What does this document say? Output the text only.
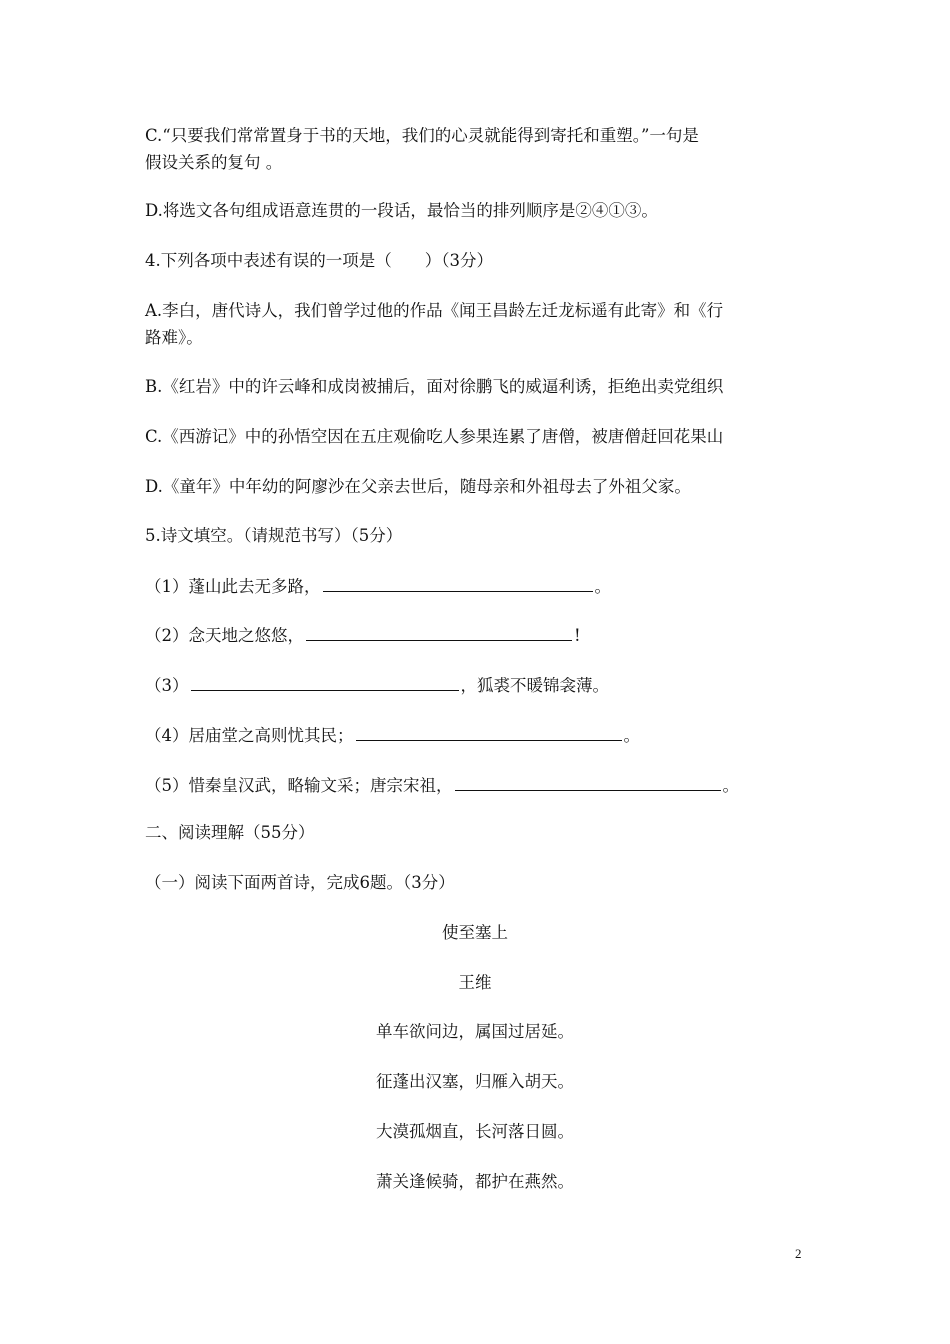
C.“只要我们常常置身于书的天地，我们的心灵就能得到寄托和重塑。”一句是
假设关系的复句 。
D.将选文各句组成语意连贯的一段话，最恰当的排列顺序是②④①③。
4.下列各项中表述有误的一项是（　　）（3分）
A.李白，唐代诗人，我们曾学过他的作品《闻王昌龄左迁龙标遥有此寄》和《行
路难》。
B.《红岩》中的许云峰和成岗被捕后，面对徐鹏飞的威逼利诱，拒绝出卖党组织
C.《西游记》中的孙悟空因在五庄观偷吃人参果连累了唐僧，被唐僧赶回花果山
D.《童年》中年幼的阿廖沙在父亲去世后，随母亲和外祖母去了外祖父家。
5.诗文填空。（请规范书写）（5分）
（1）蓬山此去无多路，	。
（2）念天地之悠悠，	!
（3）	，狐裘不暖锦衾薄。
（4）居庙堂之高则忧其民；	。
（5）惜秦皇汉武，略输文采；唐宗宋祖，	。
二、阅读理解（55分）
（一）阅读下面两首诗，完成6题。（3分）
使至塞上
王维
单车欲问边，属国过居延。
征蓬出汉塞，归雁入胡天。
大漠孤烟直，长河落日圆。
萧关逢候骑，都护在燕然。
2
